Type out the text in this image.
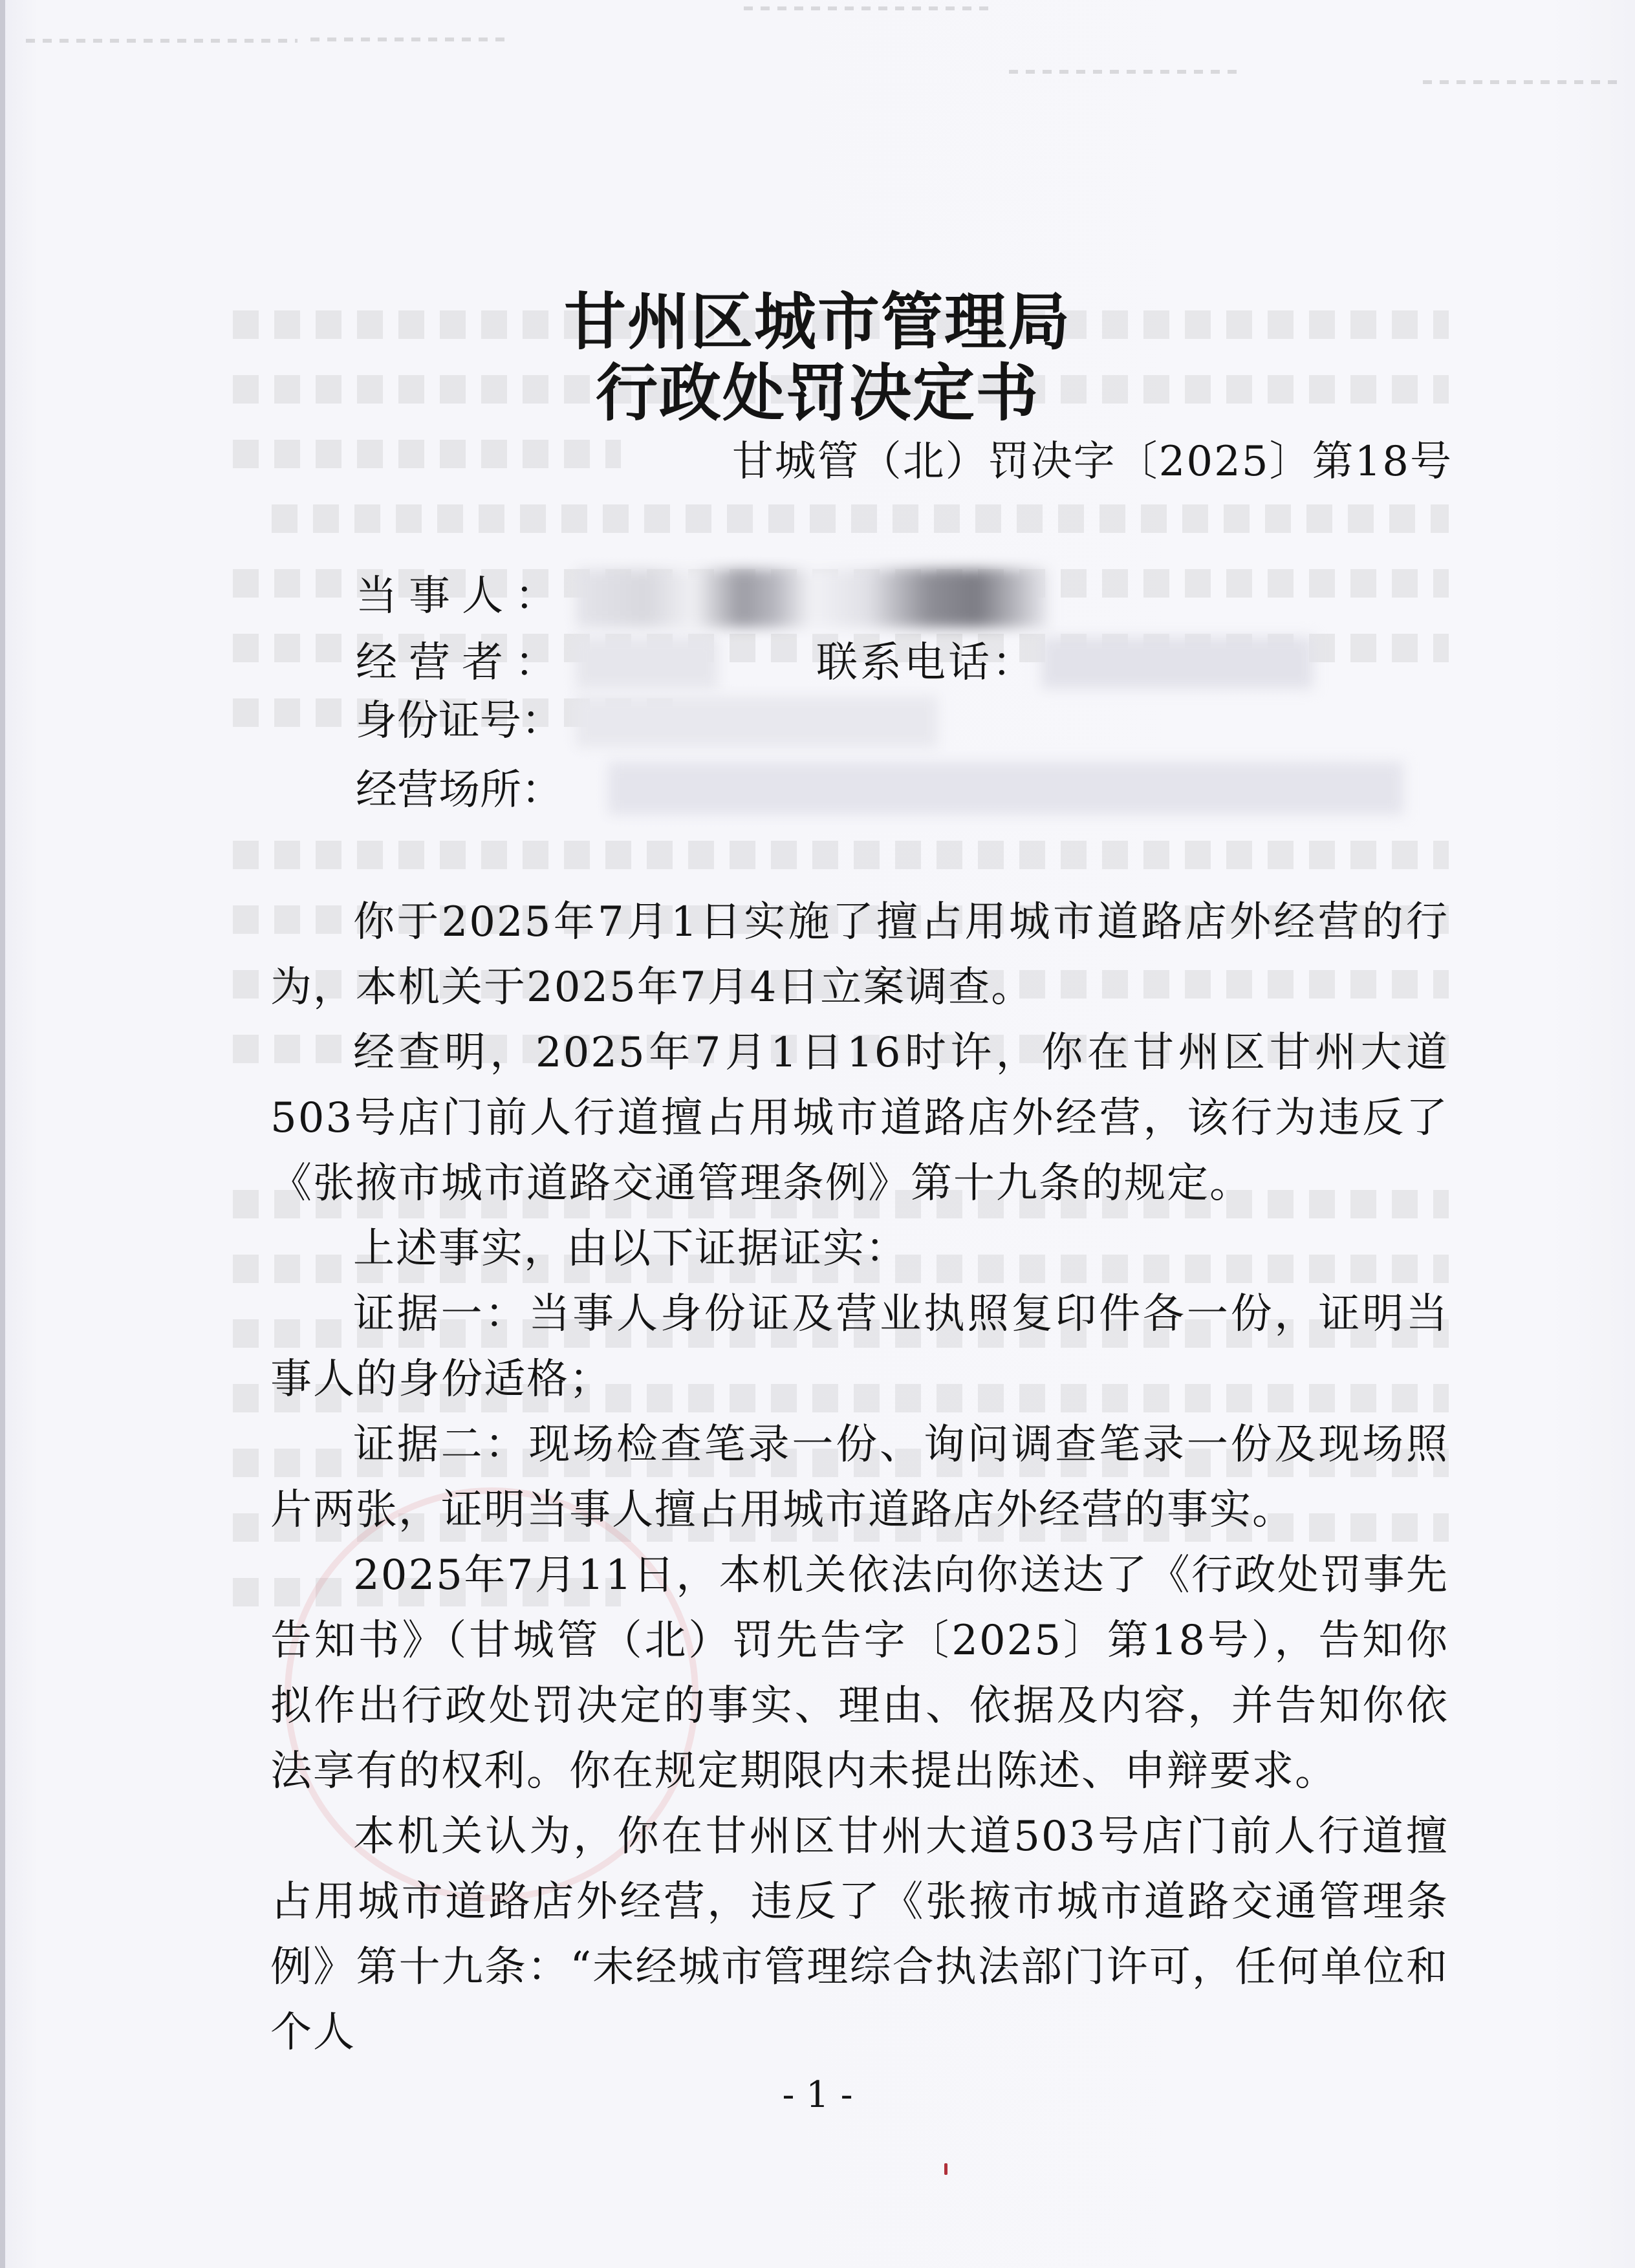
甘州区城市管理局
行政处罚决定书
甘城管（北）罚决字〔2025〕第18号
当事人：
经营者：	联系电话：
身份证号：
经营场所：

你于2025年7月1日实施了擅占用城市道路店外经营的行为，本机关于2025年7月4日立案调查。

经查明，2025年7月1日16时许，你在甘州区甘州大道503号店门前人行道擅占用城市道路店外经营，该行为违反了《张掖市城市道路交通管理条例》第十九条的规定。

上述事实，由以下证据证实：

证据一：当事人身份证及营业执照复印件各一份，证明当事人的身份适格；

证据二：现场检查笔录一份、询问调查笔录一份及现场照片两张，证明当事人擅占用城市道路店外经营的事实。

2025年7月11日，本机关依法向你送达了《行政处罚事先告知书》（甘城管（北）罚先告字〔2025〕第18号），告知你拟作出行政处罚决定的事实、理由、依据及内容，并告知你依法享有的权利。你在规定期限内未提出陈述、申辩要求。

本机关认为，你在甘州区甘州大道503号店门前人行道擅占用城市道路店外经营，违反了《张掖市城市道路交通管理条例》第十九条：“未经城市管理综合执法部门许可，任何单位和个人

- 1 -
